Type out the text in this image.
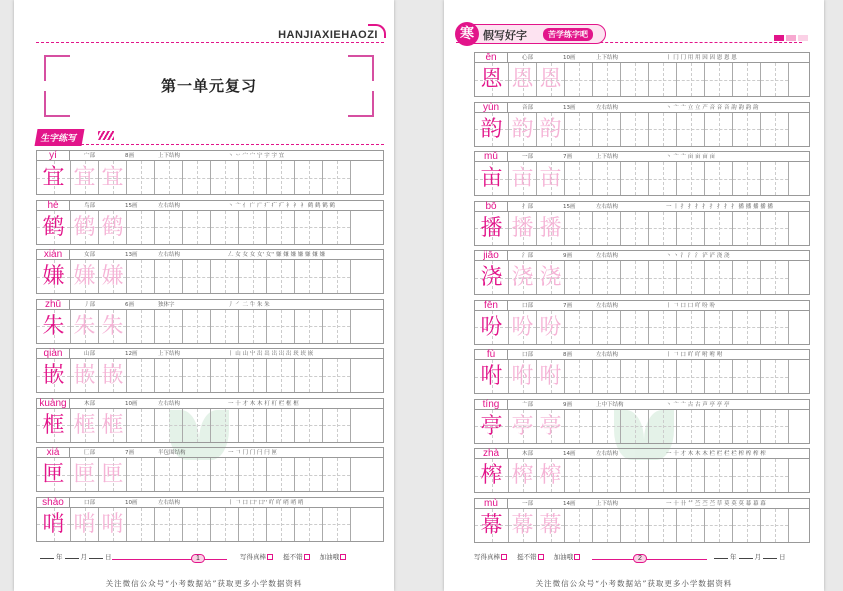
HANJIAXIEHAOZI
第一单元复习
生字练写
yí	宀部	8画	上下结构	丶 丷 宀 宀 宁 宇 宇 宜
宜 宜 宜
hè	鸟部	15画	左右结构	丶 亠 亻 广 广 疒 疒 疒 衤 衤 衤 鹤 鹤 鹤 鹤
鹤 鹤 鹤
xián	女部	13画	左右结构	𠃋 女 女 女 女' 女'' 嫌 嫌 嫌 嫌 嫌 嫌 嫌
嫌 嫌 嫌
zhū	丿部	6画	独体字	丿 ㇒ 二 牛 朱 朱
朱 朱 朱
qiàn	山部	12画	上下结构	丨 山 山 屮 岀 岀 岀 岀 岀 崁 崁 嵌
嵌 嵌 嵌
kuàng	木部	10画	左右结构	一 十 才 木 木 朾 朾 栏 框 框
框 框 框
xiá	匚部	7画	半包围结构	一 𠃍 冂 门 闩 闩 匣
匣 匣 匣
shào	口部	10画	左右结构	丨 𠃍 口 口' 口'' 吖 吖 哨 哨 哨
哨 哨 哨
年	月	日	1	写得真棒	挺不错	加油哦
关注微信公众号“小考数据站”获取更多小学数据资料
ēn	心部	10画	上下结构	丨 冂 冂 用 用 因 因 恩 恩 恩
恩 恩 恩
yùn	音部	13画	左右结构	丶 亠 亠 立 立 产 音 音 音 韵 韵 韵 韵
韵 韵 韵
mǔ	一部	7画	上下结构	丶 亠 亠 亩 亩 亩 亩
亩 亩 亩
bō	扌部	15画	左右结构	一 丨 扌 扌 扌 扌 扌 扌 扌 扌 播 播 播 播 播
播 播 播
jiāo	氵部	9画	左右结构	丶 丶 氵 氵 氵 浐 浐 浇 浇
浇 浇 浇
fēn	口部	7画	左右结构	丨 𠃍 口 口 吖 吩 吩
吩 吩 吩
fù	口部	8画	左右结构	丨 𠃍 口 吖 吖 咐 咐 咐
咐 咐 咐
tíng	亠部	9画	上中下结构	丶 亠 亠 古 古 声 亭 亭 亭
亭 亭 亭
zhà	木部	14画	左右结构	一 十 才 木 木 木 栏 栏 栏 栏 榨 榨 榨 榨
榨 榨 榨
mù	一部	14画	上下结构	一 十 卄 艹 苎 苎 苎 草 莫 莫 莫 幕 幕 幕
幕 幕 幕
写得真棒	挺不错	加油哦	2	年	月	日
关注微信公众号“小考数据站”获取更多小学数据资料
寒 假写好字	苦学练字吧
